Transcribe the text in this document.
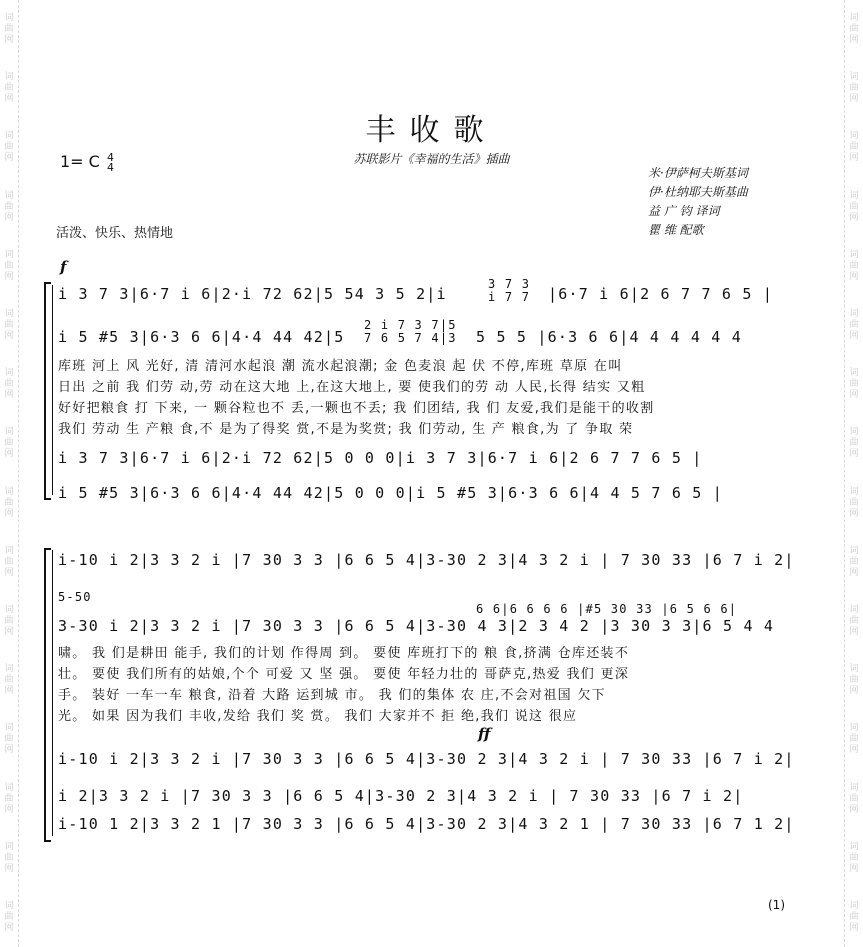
词
曲
网
词
曲
网
词
曲
网
词
曲
网
词
曲
网
词
曲
网
词
曲
网
词
曲
网
词
曲
网
词
曲
网
词
曲
网
词
曲
网
词
曲
网
词
曲
网
词
曲
网
词
曲
网
词
曲
网
词
曲
网
词
曲
网
词
曲
网
词
曲
网
词
曲
网
词
曲
网
词
曲
网
词
曲
网
词
曲
网
词
曲
网
词
曲
网
词
曲
网
词
曲
网
词
曲
网
词
曲
网
丰收歌
苏联影片《幸福的生活》插曲
1= C 4
4	米·伊萨柯夫斯基词
伊·杜纳耶夫斯基曲
益 广 钧 译词
瞿 维 配歌
活泼、快乐、热情地
f
i 3 7 3|6·7 i 6|2·i 72 62|5 54 3 5 2|i
3 7 3
i 7 7 |6·7 i 6|2 6 7 7 6 5 |
i 5 #5 3|6·3 6 6|4·4 44 42|5
2 i 7 3 7|5
7 6 5 7 4|3 5 5 5 |6·3 6 6|4 4 4 4 4 4
库班 河上 风 光好, 清 清河水起浪 潮 流水起浪潮; 金 色麦浪 起 伏 不停,库班 草原 在叫
日出 之前 我 们劳 动,劳 动在这大地 上,在这大地上, 要 使我们的劳 动 人民,长得 结实 又粗
好好把粮食 打 下来, 一 颗谷粒也不 丢,一颗也不丢; 我 们团结, 我 们 友爱,我们是能干的收割
我们 劳动 生 产粮 食,不 是为了得奖 赏,不是为奖赏; 我 们劳动, 生 产 粮食,为 了 争取 荣
i 3 7 3|6·7 i 6|2·i 72 62|5 0 0 0|i 3 7 3|6·7 i 6|2 6 7 7 6 5 |
i 5 #5 3|6·3 6 6|4·4 44 42|5 0 0 0|i 5 #5 3|6·3 6 6|4 4 5 7 6 5 |
i-10 i 2|3 3 2 i |7 30 3 3 |6 6 5 4|3-30 2 3|4 3 2 i | 7 30 33 |6 7 i 2|
5-50
3-30 i 2|3 3 2 i |7 30 3 3 |6 6 5 4|3-30 4 3|2 3 4 2 |3 30 3 3|6 5 4 4
6 6|6 6 6 6 |#5 30 33 |6 5 6 6|
啸。 我 们是耕田 能手, 我们的计划 作得周 到。 要使 库班打下的 粮 食,挤满 仓库还装不
壮。 要使 我们所有的姑娘,个个 可爱 又 坚 强。 要使 年轻力壮的 哥萨克,热爱 我们 更深
手。 装好 一车一车 粮食, 沿着 大路 运到城 市。 我 们的集体 农 庄,不会对祖国 欠下
光。 如果 因为我们 丰收,发给 我们 奖 赏。 我们 大家并不 拒 绝,我们 说这 很应
ff
i-10 i 2|3 3 2 i |7 30 3 3 |6 6 5 4|3-30 2 3|4 3 2 i | 7 30 33 |6 7 i 2|
i 2|3 3 2 i |7 30 3 3 |6 6 5 4|3-30 2 3|4 3 2 i | 7 30 33 |6 7 i 2|
i-10 1 2|3 3 2 1 |7 30 3 3 |6 6 5 4|3-30 2 3|4 3 2 1 | 7 30 33 |6 7 1 2|
(1)
